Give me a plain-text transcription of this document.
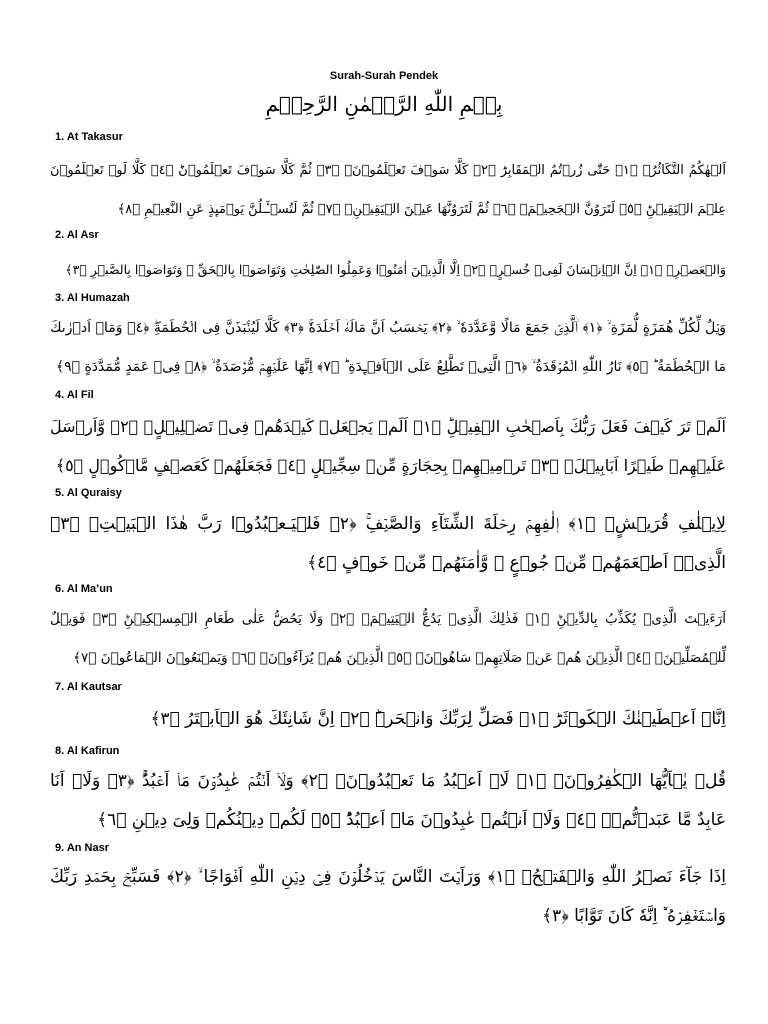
Surah-Surah Pendek
بِسۡمِ اللّٰهِ الرَّحۡمٰنِ الرَّحِيۡمِ
1. At Takasur
اَلۡهٰكُمُ التَّكَاثُرُۙ ﴿١﴾ حَتّٰى زُرۡتُمُ الۡمَقَابِرَؕ‏ ﴿٢﴾ كَلَّا سَوۡفَ تَعۡلَمُوۡنَۙ‏ ﴿٣﴾ ثُمَّ كَلَّا سَوۡفَ تَعۡلَمُوۡنَؕ ﴿٤﴾ كَلَّا لَوۡ تَعۡلَمُوۡنَ عِلۡمَ الۡيَقِيۡنِؕ‏ ﴿٥﴾ لَتَرَوُنَّ الۡجَحِيۡمَۙ‏ ﴿٦﴾ ثُمَّ لَتَرَوُنَّهَا عَيۡنَ الۡيَقِيۡنِۙ‏ ﴿٧﴾ ثُمَّ لَتُسۡـَٔـلُنَّ يَوۡمَٮِٕذٍ عَنِ النَّعِيۡمِ ﴿٨﴾
2. Al Asr
وَالۡعَصۡرِۙ‏ ﴿١﴾ اِنَّ الۡاِنۡسَانَ لَفِىۡ خُسۡرٍۙ‏ ﴿٢﴾ اِلَّا الَّذِيۡنَ اٰمَنُوۡا وَعَمِلُوا الصّٰلِحٰتِ وَتَوَاصَوۡا بِالۡحَقِّ ۙ وَتَوَاصَوۡا بِالصَّبۡرِ ﴿٣﴾
3. Al Humazah
وَيۡلٌ لِّكُلِّ هُمَزَةٍ لُّمَزَةِ ۙ ﴿١﴾ اۨلَّذِىۡ جَمَعَ مَالًا وَّعَدَّدَهٗ ۙ‏ ﴿٢﴾ يَحۡسَبُ اَنَّ مَالَهٗۤ اَخۡلَدَهٗ‌ۚ ﴿٣﴾ كَلَّا‌ لَيُنۡۢبَذَنَّ فِى الۡحُطَمَةِ‏ۖ ﴿٤﴾ وَمَاۤ اَدۡرٰٮكَ مَا الۡحُطَمَةُ ؕ‏ ﴿٥﴾ نَارُ اللّٰهِ الۡمُوۡقَدَةُ ۙ‏ ﴿٦﴾ الَّتِىۡ تَطَّلِعُ عَلَى الۡاَفۡـِٕدَةِ ؕ‏ ﴿٧﴾ اِنَّهَا عَلَيۡهِمۡ مُّؤۡصَدَةٌ ۙ‏ ﴿٨﴾ فِىۡ عَمَدٍ مُّمَدَّدَةٍ ﴿٩﴾
4. Al Fil
اَلَمۡ تَرَ كَيۡفَ فَعَلَ رَبُّكَ بِاَصۡحٰبِ الۡفِيۡلِؕ‏ ﴿١﴾ اَلَمۡ يَجۡعَلۡ كَيۡدَهُمۡ فِىۡ تَضۡلِيۡلٍۙ‏ ﴿٢﴾ وَّاَرۡسَلَ عَلَيۡهِمۡ طَيۡرًا اَبَابِيۡلَۙ‏ ﴿٣﴾ تَرۡمِيۡهِمۡ بِحِجَارَةٍ مِّنۡ سِجِّيۡلٍ ﴿٤﴾ فَجَعَلَهُمۡ كَعَصۡفٍ مَّاۡكُوۡلٍ ﴿٥﴾
5. Al Quraisy
لِاِيۡلٰفِ قُرَيۡشٍۙ‏ ﴿١﴾ اٖلٰفِهِمۡ رِحۡلَةَ الشِّتَآءِ وَالصَّيۡفِ‌ۚ‏ ﴿٢﴾ فَلۡيَـعۡبُدُوۡا رَبَّ هٰذَا الۡبَيۡتِۙ‏ ﴿٣﴾ الَّذِىۡۤ اَطۡعَمَهُمۡ مِّنۡ جُوۡعٍ ۙ وَّاٰمَنَهُمۡ مِّنۡ خَوۡفٍ ﴿٤﴾
6. Al Ma’un
اَرَءَيۡتَ الَّذِىۡ يُكَذِّبُ بِالدِّيۡنِؕ‏ ﴿١﴾ فَذٰلِكَ الَّذِىۡ يَدُعُّ الۡيَتِيۡمَۙ‏ ﴿٢﴾ وَلَا يَحُضُّ عَلٰى طَعَامِ الۡمِسۡكِيۡنِؕ‏ ﴿٣﴾ فَوَيۡلٌ لِّلۡمُصَلِّيۡنَۙ‏ ﴿٤﴾ الَّذِيۡنَ هُمۡ عَنۡ صَلَاتِهِمۡ سَاهُوۡنَۙ‏ ﴿٥﴾ الَّذِيۡنَ هُمۡ يُرَآءُوۡنَۙ‏ ﴿٦﴾ وَيَمۡنَعُوۡنَ الۡمَاعُوۡنَ ﴿٧﴾
7. Al Kautsar
اِنَّاۤ اَعۡطَيۡنٰكَ الۡكَوۡثَرَؕ‏ ﴿١﴾ فَصَلِّ لِرَبِّكَ وَانۡحَرۡؕ‏ ﴿٢﴾ اِنَّ شَانِئَكَ هُوَ الۡاَبۡتَرُ ﴿٣﴾
8. Al Kafirun
قُلۡ يٰۤاَيُّهَا الۡكٰفِرُوۡنَۙ‏ ﴿١﴾ لَاۤ اَعۡبُدُ مَا تَعۡبُدُوۡنَۙ‏ ﴿٢﴾ وَلَاۤ اَنۡتُمۡ عٰبِدُوۡنَ مَاۤ اَعۡبُدُ‌ۚ‏ ﴿٣﴾ وَلَاۤ اَنَا عَابِدٌ مَّا عَبَدۡتُّمۡۙ‏ ﴿٤﴾ وَلَاۤ اَنۡتُمۡ عٰبِدُوۡنَ مَاۤ اَعۡبُدُؕ‏ ﴿٥﴾ لَكُمۡ دِيۡنُكُمۡ وَلِىَ دِيۡنِ ﴿٦﴾
9. An Nasr
اِذَا جَآءَ نَصۡرُ اللّٰهِ وَالۡفَتۡحُۙ‏ ﴿١﴾ وَرَاَيۡتَ النَّاسَ يَدۡخُلُوۡنَ فِىۡ دِيۡنِ اللّٰهِ اَفۡوَاجًا ۙ‏ ﴿٢﴾ فَسَبِّحۡ بِحَمۡدِ رَبِّكَ وَاسۡتَغۡفِرۡهُ‌ ؔؕ اِنَّهٗ كَانَ تَوَّابًا ﴿٣﴾
